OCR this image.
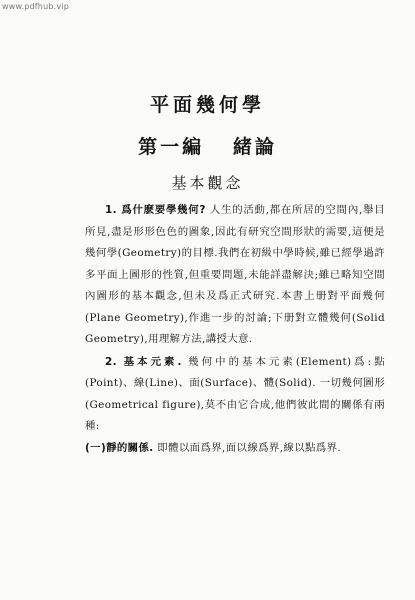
www.pdfhub.vip
平面幾何學
第一編   緒論
基本觀念

1. 爲什麽要學幾何? 人生的活動,都在所居的空間內,舉目所見,盡是形形色色的圖象,因此有研究空間形狀的需要,這便是幾何學(Geometry)的目標.我們在初級中學時候,雖已經學過許多平面上圖形的性質,但重要問題,未能詳盡解決;雖已略知空間內圖形的基本觀念,但未及爲正式研究.本書上册對平面幾何(Plane Geometry),作進一步的討論;下册對立體幾何(Solid Geometry),用理解方法,講授大意.

2. 基本元素. 幾何中的基本元素(Element)爲:點(Point)、線(Line)、面(Surface)、體(Solid). 一切幾何圖形(Geometrical figure),莫不由它合成,他們彼此間的關係有兩種:

(一)靜的關係. 即體以面爲界,面以線爲界,線以點爲界.
